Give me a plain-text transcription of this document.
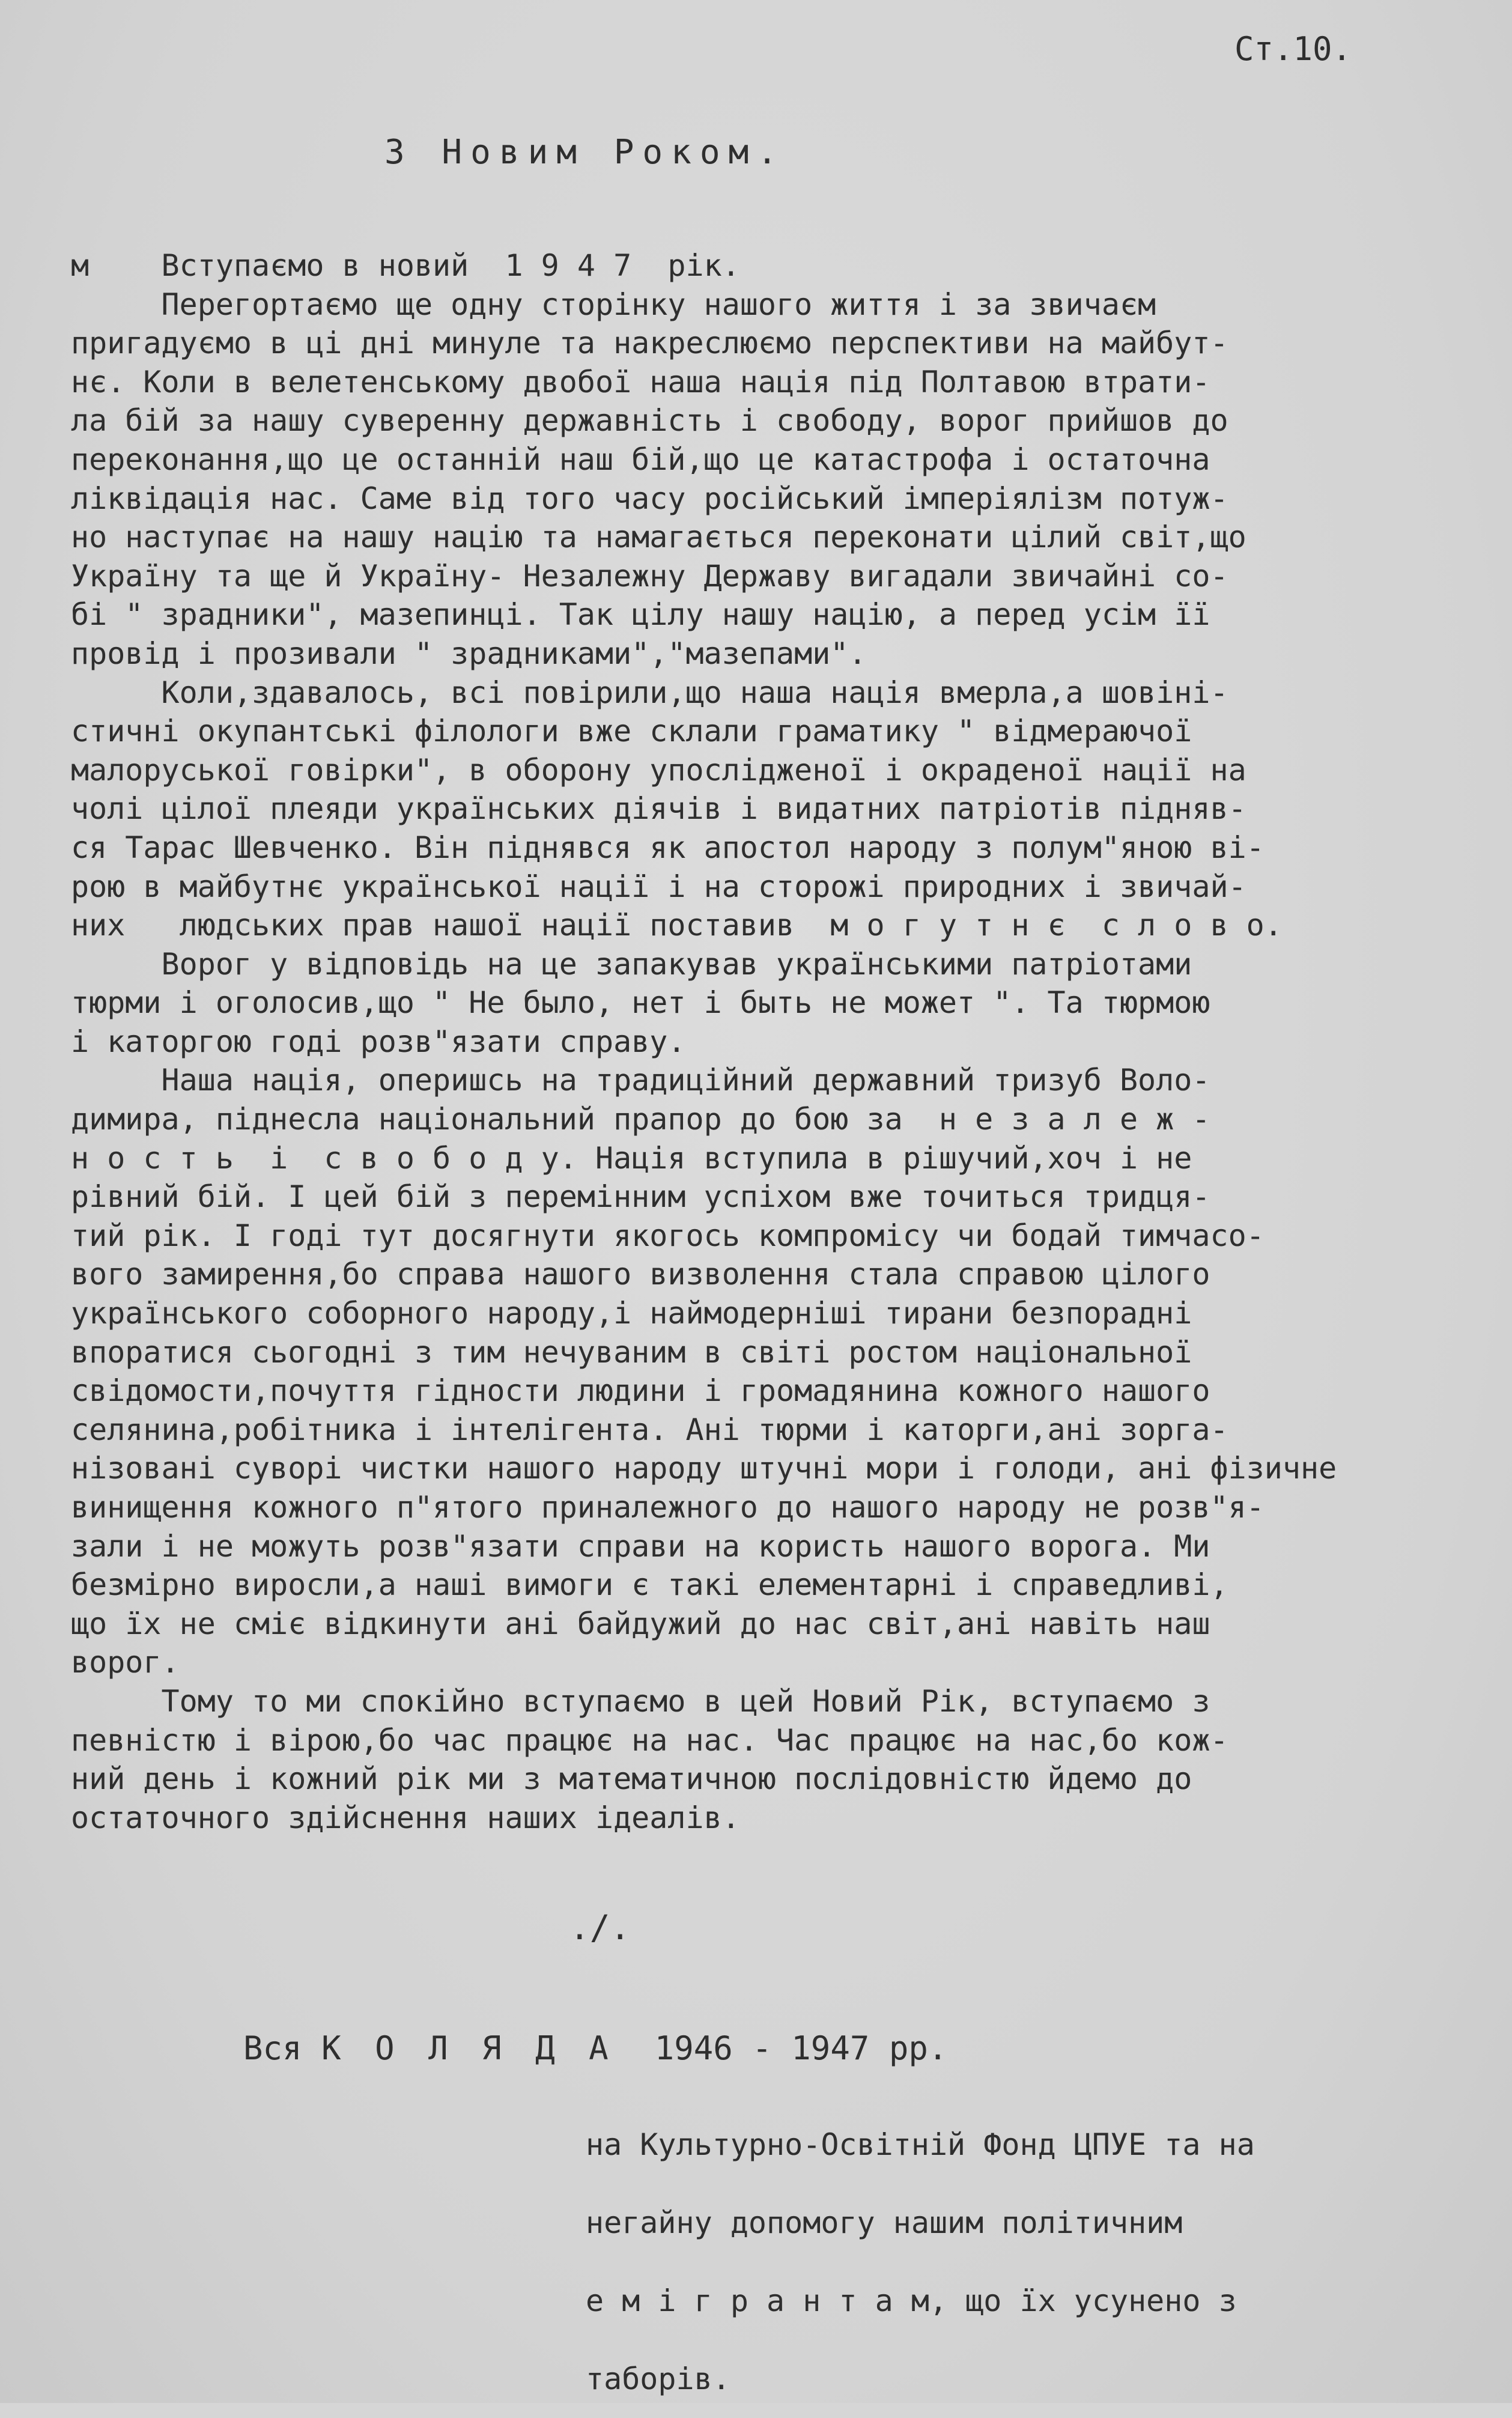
Ст.10.
З Новим Роком.
м    Вступаємо в новий  1 9 4 7  рік.
Перегортаємо ще одну сторінку нашого життя і за звичаєм
пригадуємо в ці дні минуле та накреслюємо перспективи на майбут-
нє. Коли в велетенському двобої наша нація під Полтавою втрати-
ла бій за нашу суверенну державність і свободу, ворог прийшов до
переконання,що це останній наш бій,що це катастрофа і остаточна
ліквідація нас. Саме від того часу російський імперіялізм потуж-
но наступає на нашу націю та намагається переконати цілий світ,що
Україну та ще й Україну- Незалежну Державу вигадали звичайні со-
бі " зрадники", мазепинці. Так цілу нашу націю, а перед усім її
провід і прозивали " зрадниками","мазепами".
Коли,здавалось, всі повірили,що наша нація вмерла,а шовіні-
стичні окупантські філологи вже склали граматику " відмераючої
малоруської говірки", в оборону упослідженої і окраденої нації на
чолі цілої плеяди українських діячів і видатних патріотів підняв-
ся Тарас Шевченко. Він піднявся як апостол народу з полум"яною ві-
рою в майбутнє української нації і на сторожі природних і звичай-
них   людських прав нашої нації поставив  м о г у т н є  с л о в о.
Ворог у відповідь на це запакував українськими патріотами
тюрми і оголосив,що " Не было, нет і быть не может ". Та тюрмою
і каторгою годі розв"язати справу.
Наша нація, оперишсь на традиційний державний тризуб Воло-
димира, піднесла національний прапор до бою за  н е з а л е ж -
н о с т ь  і  с в о б о д у. Нація вступила в рішучий,хоч і не
рівний бій. І цей бій з перемінним успіхом вже точиться тридця-
тий рік. І годі тут досягнути якогось компромісу чи бодай тимчасо-
вого замирення,бо справа нашого визволення стала справою цілого
українського соборного народу,і наймодерніші тирани безпорадні
впоратися сьогодні з тим нечуваним в світі ростом національної
свідомости,почуття гідности людини і громадянина кожного нашого
селянина,робітника і інтелігента. Ані тюрми і каторги,ані зорга-
нізовані суворі чистки нашого народу штучні мори і голоди, ані фізичне
винищення кожного п"ятого приналежного до нашого народу не розв"я-
зали і не можуть розв"язати справи на користь нашого ворога. Ми
безмірно виросли,а наші вимоги є такі елементарні і справедливі,
що їх не сміє відкинути ані байдужий до нас світ,ані навіть наш
ворог.
Тому то ми спокійно вступаємо в цей Новий Рік, вступаємо з
певністю і вірою,бо час працює на нас. Час працює на нас,бо кож-
ний день і кожний рік ми з математичною послідовністю йдемо до
остаточного здійснення наших ідеалів.
./.
Вся К О Л Я Д А 1946 - 1947 рр.
на Культурно-Освітній Фонд ЦПУЕ та на
негайну допомогу нашим політичним
е м і г р а н т а м, що їх усунено з
таборів.
